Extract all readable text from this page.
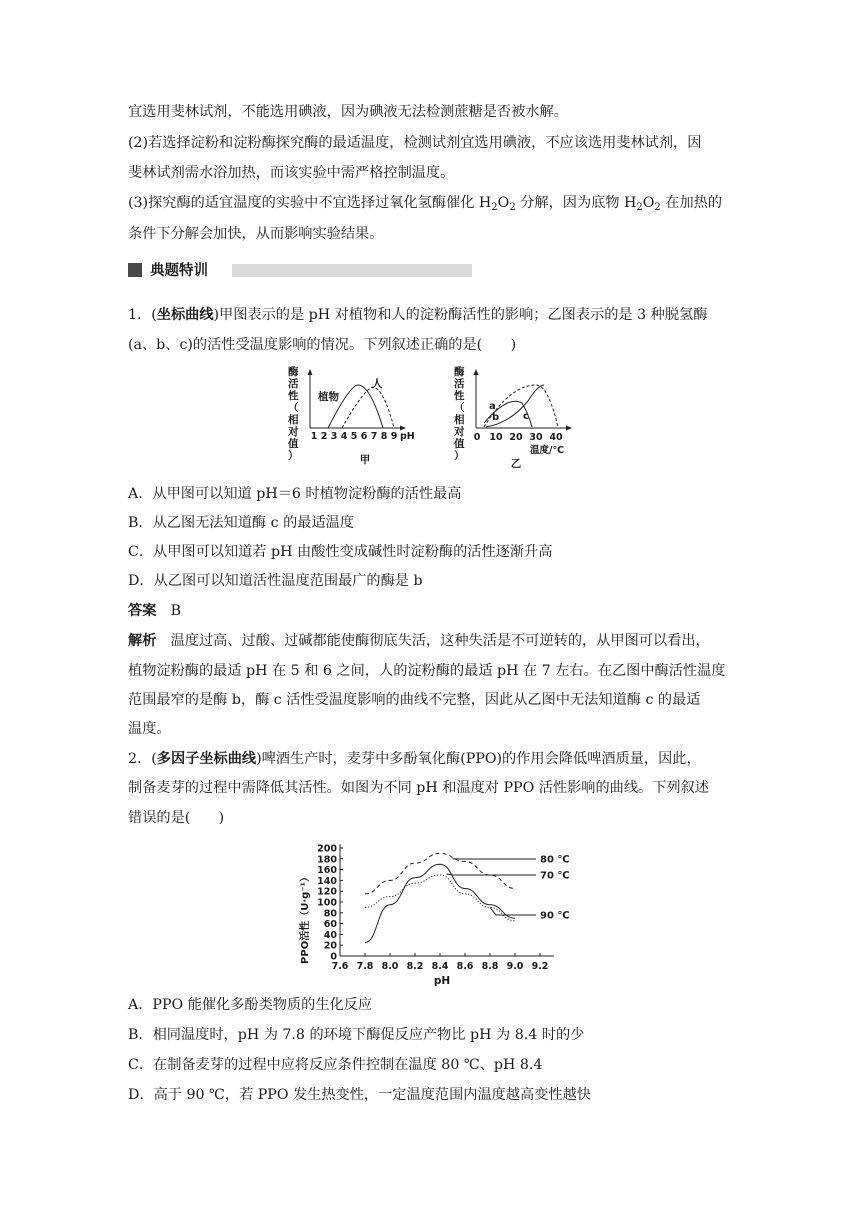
宜选用斐林试剂，不能选用碘液，因为碘液无法检测蔗糖是否被水解。
(2)若选择淀粉和淀粉酶探究酶的最适温度，检测试剂宜选用碘液，不应该选用斐林试剂，因
斐林试剂需水浴加热，而该实验中需严格控制温度。
(3)探究酶的适宜温度的实验中不宜选择过氧化氢酶催化 $H_2O_2$ 分解，因为底物 $H_2O_2$ 在加热的
条件下分解会加快，从而影响实验结果。
典题特训
1．(坐标曲线)甲图表示的是 pH 对植物和人的淀粉酶活性的影响；乙图表示的是 3 种脱氢酶
(a、b、c)的活性受温度影响的情况。下列叙述正确的是(　　)
酶
活
性
（
相
对
值
）
植物
人
1 2 3 4 5 6 7 8 9 pH
甲
酶
活
性
（
相
对
值
）
a
b c
0 10 20 30 40
温度/℃
乙
A．从甲图可以知道 pH＝6 时植物淀粉酶的活性最高
B．从乙图无法知道酶 c 的最适温度
C．从甲图可以知道若 pH 由酸性变成碱性时淀粉酶的活性逐渐升高
D．从乙图可以知道活性温度范围最广的酶是 b
答案　 B
解析　 温度过高、过酸、过碱都能使酶彻底失活，这种失活是不可逆转的，从甲图可以看出，
植物淀粉酶的最适 pH 在 5 和 6 之间，人的淀粉酶的最适 pH 在 7 左右。在乙图中酶活性温度
范围最窄的是酶 b，酶 c 活性受温度影响的曲线不完整，因此从乙图中无法知道酶 c 的最适
温度。
2．(多因子坐标曲线)啤酒生产时，麦芽中多酚氧化酶(PPO)的作用会降低啤酒质量，因此，
制备麦芽的过程中需降低其活性。如图为不同 pH 和温度对 PPO 活性影响的曲线。下列叙述
错误的是(　　)
PPO活性（U·g⁻¹） 0
20
40
60
80
100
120
140
160
180
200
7.6 7.8 8.0 8.2 8.4 8.6 8.8 9.0 9.2
80 ℃
70 ℃
90 ℃
pH
A．PPO 能催化多酚类物质的生化反应
B．相同温度时，pH 为 7.8 的环境下酶促反应产物比 pH 为 8.4 时的少
C．在制备麦芽的过程中应将反应条件控制在温度 80 ℃、pH 8.4
D．高于 90 ℃，若 PPO 发生热变性，一定温度范围内温度越高变性越快
